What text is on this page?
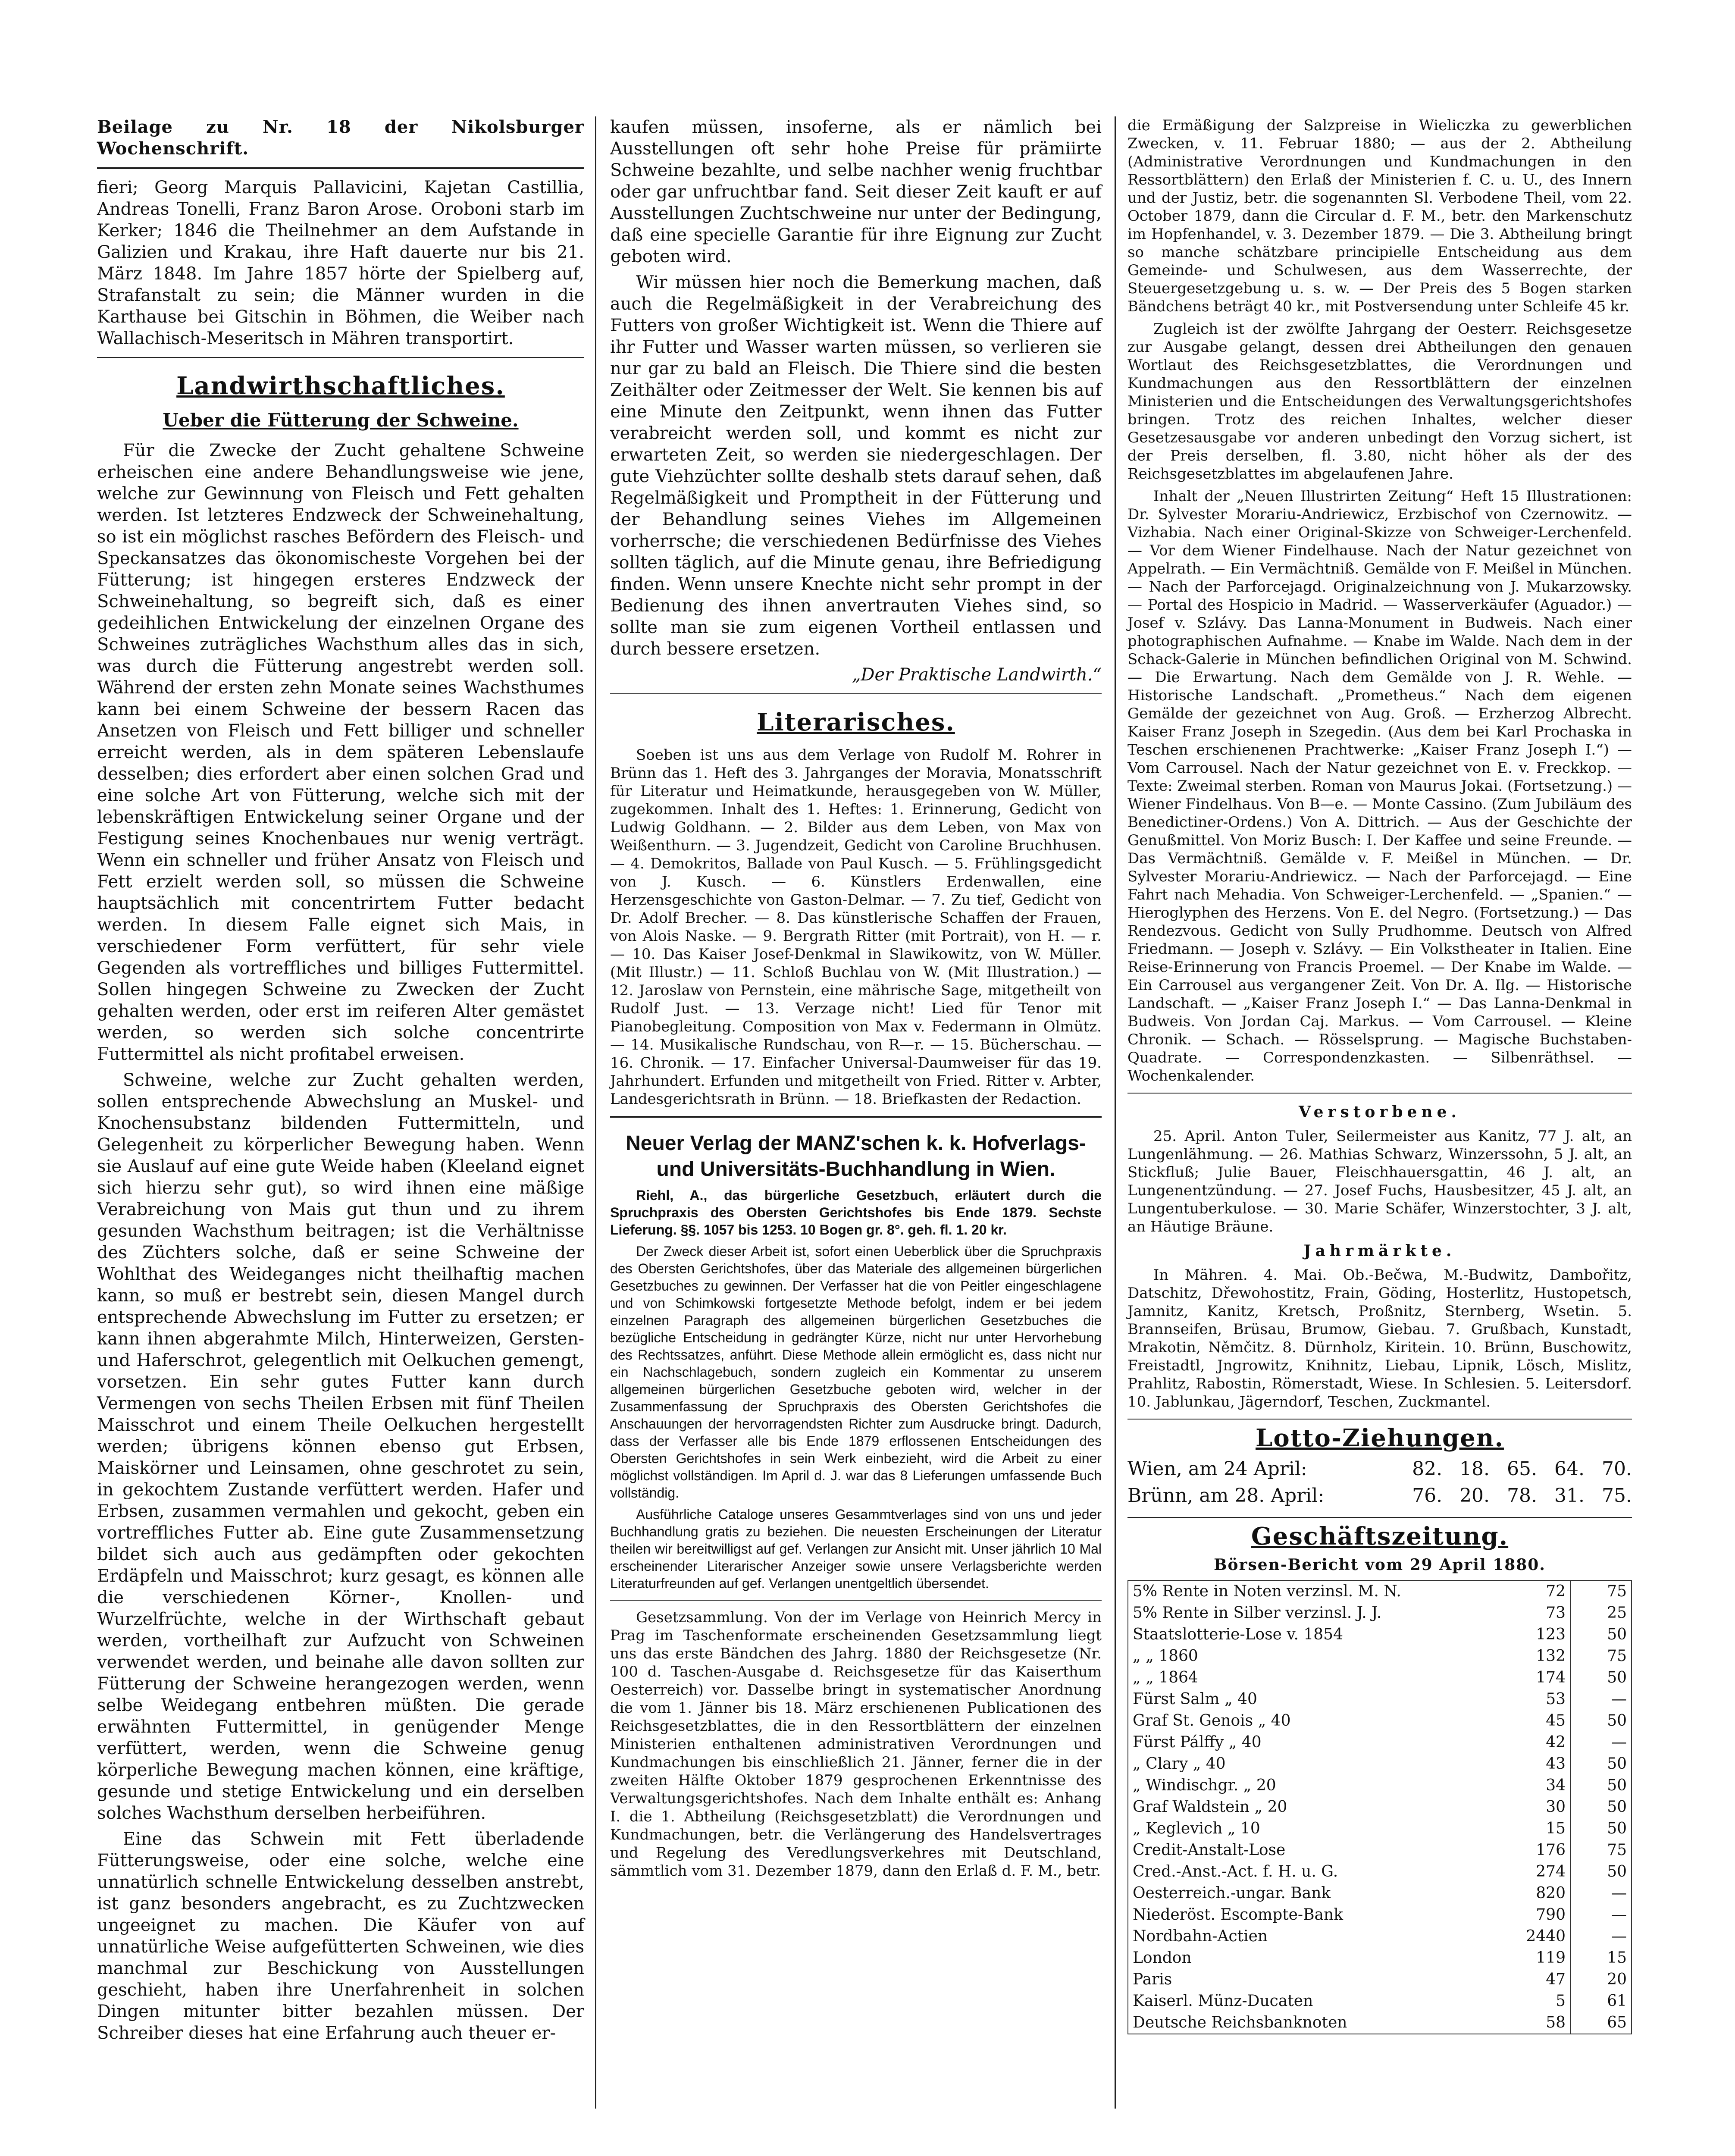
Beilage zu Nr. 18 der Nikolsburger Wochenschrift.

fieri; Georg Marquis Pallavicini, Kajetan Castillia, Andreas Tonelli, Franz Baron Arose. Oroboni starb im Kerker; 1846 die Theilnehmer an dem Aufstande in Galizien und Krakau, ihre Haft dauerte nur bis 21. März 1848. Im Jahre 1857 hörte der Spielberg auf, Strafanstalt zu sein; die Männer wurden in die Karthause bei Gitschin in Böhmen, die Weiber nach Wallachisch-Meseritsch in Mähren transportirt.

Landwirthschaftliches.
Ueber die Fütterung der Schweine.

Für die Zwecke der Zucht gehaltene Schweine erheischen eine andere Behandlungsweise wie jene, welche zur Gewinnung von Fleisch und Fett gehalten werden. Ist letzteres Endzweck der Schweinehaltung, so ist ein möglichst rasches Befördern des Fleisch- und Speckansatzes das ökonomischeste Vorgehen bei der Fütterung; ist hingegen ersteres Endzweck der Schweinehaltung, so begreift sich, daß es einer gedeihlichen Entwickelung der einzelnen Organe des Schweines zuträgliches Wachsthum alles das in sich, was durch die Fütterung angestrebt werden soll. Während der ersten zehn Monate seines Wachsthumes kann bei einem Schweine der bessern Racen das Ansetzen von Fleisch und Fett billiger und schneller erreicht werden, als in dem späteren Lebenslaufe desselben; dies erfordert aber einen solchen Grad und eine solche Art von Fütterung, welche sich mit der lebenskräftigen Entwickelung seiner Organe und der Festigung seines Knochenbaues nur wenig verträgt. Wenn ein schneller und früher Ansatz von Fleisch und Fett erzielt werden soll, so müssen die Schweine hauptsächlich mit concentrirtem Futter bedacht werden. In diesem Falle eignet sich Mais, in verschiedener Form verfüttert, für sehr viele Gegenden als vortreffliches und billiges Futtermittel. Sollen hingegen Schweine zu Zwecken der Zucht gehalten werden, oder erst im reiferen Alter gemästet werden, so werden sich solche concentrirte Futtermittel als nicht profitabel erweisen.

Schweine, welche zur Zucht gehalten werden, sollen entsprechende Abwechslung an Muskel- und Knochensubstanz bildenden Futtermitteln, und Gelegenheit zu körperlicher Bewegung haben. Wenn sie Auslauf auf eine gute Weide haben (Kleeland eignet sich hierzu sehr gut), so wird ihnen eine mäßige Verabreichung von Mais gut thun und zu ihrem gesunden Wachsthum beitragen; ist die Verhältnisse des Züchters solche, daß er seine Schweine der Wohlthat des Weideganges nicht theilhaftig machen kann, so muß er bestrebt sein, diesen Mangel durch entsprechende Abwechslung im Futter zu ersetzen; er kann ihnen abgerahmte Milch, Hinterweizen, Gersten- und Haferschrot, gelegentlich mit Oelkuchen gemengt, vorsetzen. Ein sehr gutes Futter kann durch Vermengen von sechs Theilen Erbsen mit fünf Theilen Maisschrot und einem Theile Oelkuchen hergestellt werden; übrigens können ebenso gut Erbsen, Maiskörner und Leinsamen, ohne geschrotet zu sein, in gekochtem Zustande verfüttert werden. Hafer und Erbsen, zusammen vermahlen und gekocht, geben ein vortreffliches Futter ab. Eine gute Zusammensetzung bildet sich auch aus gedämpften oder gekochten Erdäpfeln und Maisschrot; kurz gesagt, es können alle die verschiedenen Körner-, Knollen- und Wurzelfrüchte, welche in der Wirthschaft gebaut werden, vortheilhaft zur Aufzucht von Schweinen verwendet werden, und beinahe alle davon sollten zur Fütterung der Schweine herangezogen werden, wenn selbe Weidegang entbehren müßten. Die gerade erwähnten Futtermittel, in genügender Menge verfüttert, werden, wenn die Schweine genug körperliche Bewegung machen können, eine kräftige, gesunde und stetige Entwickelung und ein derselben solches Wachsthum derselben herbeiführen.

Eine das Schwein mit Fett überladende Fütterungsweise, oder eine solche, welche eine unnatürlich schnelle Entwickelung desselben anstrebt, ist ganz besonders angebracht, es zu Zuchtzwecken ungeeignet zu machen. Die Käufer von auf unnatürliche Weise aufgefütterten Schweinen, wie dies manchmal zur Beschickung von Ausstellungen geschieht, haben ihre Unerfahrenheit in solchen Dingen mitunter bitter bezahlen müssen. Der Schreiber dieses hat eine Erfahrung auch theuer er-

kaufen müssen, insoferne, als er nämlich bei Ausstellungen oft sehr hohe Preise für prämiirte Schweine bezahlte, und selbe nachher wenig fruchtbar oder gar unfruchtbar fand. Seit dieser Zeit kauft er auf Ausstellungen Zuchtschweine nur unter der Bedingung, daß eine specielle Garantie für ihre Eignung zur Zucht geboten wird.

Wir müssen hier noch die Bemerkung machen, daß auch die Regelmäßigkeit in der Verabreichung des Futters von großer Wichtigkeit ist. Wenn die Thiere auf ihr Futter und Wasser warten müssen, so verlieren sie nur gar zu bald an Fleisch. Die Thiere sind die besten Zeithälter oder Zeitmesser der Welt. Sie kennen bis auf eine Minute den Zeitpunkt, wenn ihnen das Futter verabreicht werden soll, und kommt es nicht zur erwarteten Zeit, so werden sie niedergeschlagen. Der gute Viehzüchter sollte deshalb stets darauf sehen, daß Regelmäßigkeit und Promptheit in der Fütterung und der Behandlung seines Viehes im Allgemeinen vorherrsche; die verschiedenen Bedürfnisse des Viehes sollten täglich, auf die Minute genau, ihre Befriedigung finden. Wenn unsere Knechte nicht sehr prompt in der Bedienung des ihnen anvertrauten Viehes sind, so sollte man sie zum eigenen Vortheil entlassen und durch bessere ersetzen.

„Der Praktische Landwirth.“

Literarisches.

Soeben ist uns aus dem Verlage von Rudolf M. Rohrer in Brünn das 1. Heft des 3. Jahrganges der Moravia, Monatsschrift für Literatur und Heimatkunde, herausgegeben von W. Müller, zugekommen. Inhalt des 1. Heftes: 1. Erinnerung, Gedicht von Ludwig Goldhann. — 2. Bilder aus dem Leben, von Max von Weißenthurn. — 3. Jugendzeit, Gedicht von Caroline Bruchhusen. — 4. Demokritos, Ballade von Paul Kusch. — 5. Frühlingsgedicht von J. Kusch. — 6. Künstlers Erdenwallen, eine Herzensgeschichte von Gaston-Delmar. — 7. Zu tief, Gedicht von Dr. Adolf Brecher. — 8. Das künstlerische Schaffen der Frauen, von Alois Naske. — 9. Bergrath Ritter (mit Portrait), von H. — r. — 10. Das Kaiser Josef-Denkmal in Slawikowitz, von W. Müller. (Mit Illustr.) — 11. Schloß Buchlau von W. (Mit Illustration.) — 12. Jaroslaw von Pernstein, eine mährische Sage, mitgetheilt von Rudolf Just. — 13. Verzage nicht! Lied für Tenor mit Pianobegleitung. Composition von Max v. Federmann in Olmütz. — 14. Musikalische Rundschau, von R—r. — 15. Bücherschau. — 16. Chronik. — 17. Einfacher Universal-Daumweiser für das 19. Jahrhundert. Erfunden und mitgetheilt von Fried. Ritter v. Arbter, Landesgerichtsrath in Brünn. — 18. Briefkasten der Redaction.

Neuer Verlag der MANZ'schen k. k. Hofverlags- und Universitäts-Buchhandlung in Wien.

Riehl, A., das bürgerliche Gesetzbuch, erläutert durch die Spruchpraxis des Obersten Gerichtshofes bis Ende 1879. Sechste Lieferung. §§. 1057 bis 1253. 10 Bogen gr. 8°. geh. fl. 1. 20 kr.

Der Zweck dieser Arbeit ist, sofort einen Ueberblick über die Spruchpraxis des Obersten Gerichtshofes, über das Materiale des allgemeinen bürgerlichen Gesetzbuches zu gewinnen. Der Verfasser hat die von Peitler eingeschlagene und von Schimkowski fortgesetzte Methode befolgt, indem er bei jedem einzelnen Paragraph des allgemeinen bürgerlichen Gesetzbuches die bezügliche Entscheidung in gedrängter Kürze, nicht nur unter Hervorhebung des Rechtssatzes, anführt. Diese Methode allein ermöglicht es, dass nicht nur ein Nachschlagebuch, sondern zugleich ein Kommentar zu unserem allgemeinen bürgerlichen Gesetzbuche geboten wird, welcher in der Zusammenfassung der Spruchpraxis des Obersten Gerichtshofes die Anschauungen der hervorragendsten Richter zum Ausdrucke bringt. Dadurch, dass der Verfasser alle bis Ende 1879 erflossenen Entscheidungen des Obersten Gerichtshofes in sein Werk einbezieht, wird die Arbeit zu einer möglichst vollständigen. Im April d. J. war das 8 Lieferungen umfassende Buch vollständig.

Ausführliche Cataloge unseres Gesammtverlages sind von uns und jeder Buchhandlung gratis zu beziehen. Die neuesten Erscheinungen der Literatur theilen wir bereitwilligst auf gef. Verlangen zur Ansicht mit. Unser jährlich 10 Mal erscheinender Literarischer Anzeiger sowie unsere Verlagsberichte werden Literaturfreunden auf gef. Verlangen unentgeltlich übersendet.

Gesetzsammlung. Von der im Verlage von Heinrich Mercy in Prag im Taschenformate erscheinenden Gesetzsammlung liegt uns das erste Bändchen des Jahrg. 1880 der Reichsgesetze (Nr. 100 d. Taschen-Ausgabe d. Reichsgesetze für das Kaiserthum Oesterreich) vor. Dasselbe bringt in systematischer Anordnung die vom 1. Jänner bis 18. März erschienenen Publicationen des Reichsgesetzblattes, die in den Ressortblättern der einzelnen Ministerien enthaltenen administrativen Verordnungen und Kundmachungen bis einschließlich 21. Jänner, ferner die in der zweiten Hälfte Oktober 1879 gesprochenen Erkenntnisse des Verwaltungsgerichtshofes. Nach dem Inhalte enthält es: Anhang I. die 1. Abtheilung (Reichsgesetzblatt) die Verordnungen und Kundmachungen, betr. die Verlängerung des Handelsvertrages und Regelung des Veredlungsverkehres mit Deutschland, sämmtlich vom 31. Dezember 1879, dann den Erlaß d. F. M., betr.

die Ermäßigung der Salzpreise in Wieliczka zu gewerblichen Zwecken, v. 11. Februar 1880; — aus der 2. Abtheilung (Administrative Verordnungen und Kundmachungen in den Ressortblättern) den Erlaß der Ministerien f. C. u. U., des Innern und der Justiz, betr. die sogenannten Sl. Verbodene Theil, vom 22. October 1879, dann die Circular d. F. M., betr. den Markenschutz im Hopfenhandel, v. 3. Dezember 1879. — Die 3. Abtheilung bringt so manche schätzbare principielle Entscheidung aus dem Gemeinde- und Schulwesen, aus dem Wasserrechte, der Steuergesetzgebung u. s. w. — Der Preis des 5 Bogen starken Bändchens beträgt 40 kr., mit Postversendung unter Schleife 45 kr.

Zugleich ist der zwölfte Jahrgang der Oesterr. Reichsgesetze zur Ausgabe gelangt, dessen drei Abtheilungen den genauen Wortlaut des Reichsgesetzblattes, die Verordnungen und Kundmachungen aus den Ressortblättern der einzelnen Ministerien und die Entscheidungen des Verwaltungsgerichtshofes bringen. Trotz des reichen Inhaltes, welcher dieser Gesetzesausgabe vor anderen unbedingt den Vorzug sichert, ist der Preis derselben, fl. 3.80, nicht höher als der des Reichsgesetzblattes im abgelaufenen Jahre.

Inhalt der „Neuen Illustrirten Zeitung“ Heft 15 Illustrationen: Dr. Sylvester Morariu-Andriewicz, Erzbischof von Czernowitz. — Vizhabia. Nach einer Original-Skizze von Schweiger-Lerchenfeld. — Vor dem Wiener Findelhause. Nach der Natur gezeichnet von Appelrath. — Ein Vermächtniß. Gemälde von F. Meißel in München. — Nach der Parforcejagd. Originalzeichnung von J. Mukarzowsky. — Portal des Hospicio in Madrid. — Wasserverkäufer (Aguador.) — Josef v. Szlávy. Das Lanna-Monument in Budweis. Nach einer photographischen Aufnahme. — Knabe im Walde. Nach dem in der Schack-Galerie in München befindlichen Original von M. Schwind. — Die Erwartung. Nach dem Gemälde von J. R. Wehle. — Historische Landschaft. „Prometheus.“ Nach dem eigenen Gemälde der gezeichnet von Aug. Groß. — Erzherzog Albrecht. Kaiser Franz Joseph in Szegedin. (Aus dem bei Karl Prochaska in Teschen erschienenen Prachtwerke: „Kaiser Franz Joseph I.“) — Vom Carrousel. Nach der Natur gezeichnet von E. v. Freckkop. — Texte: Zweimal sterben. Roman von Maurus Jokai. (Fortsetzung.) — Wiener Findelhaus. Von B—e. — Monte Cassino. (Zum Jubiläum des Benedictiner-Ordens.) Von A. Dittrich. — Aus der Geschichte der Genußmittel. Von Moriz Busch: I. Der Kaffee und seine Freunde. — Das Vermächtniß. Gemälde v. F. Meißel in München. — Dr. Sylvester Morariu-Andriewicz. — Nach der Parforcejagd. — Eine Fahrt nach Mehadia. Von Schweiger-Lerchenfeld. — „Spanien.“ — Hieroglyphen des Herzens. Von E. del Negro. (Fortsetzung.) — Das Rendezvous. Gedicht von Sully Prudhomme. Deutsch von Alfred Friedmann. — Joseph v. Szlávy. — Ein Volkstheater in Italien. Eine Reise-Erinnerung von Francis Proemel. — Der Knabe im Walde. — Ein Carrousel aus vergangener Zeit. Von Dr. A. Ilg. — Historische Landschaft. — „Kaiser Franz Joseph I.“ — Das Lanna-Denkmal in Budweis. Von Jordan Caj. Markus. — Vom Carrousel. — Kleine Chronik. — Schach. — Rösselsprung. — Magische Buchstaben-Quadrate. — Correspondenzkasten. — Silbenräthsel. — Wochenkalender.

Verstorbene.

25. April. Anton Tuler, Seilermeister aus Kanitz, 77 J. alt, an Lungenlähmung. — 26. Mathias Schwarz, Winzerssohn, 5 J. alt, an Stickfluß; Julie Bauer, Fleischhauersgattin, 46 J. alt, an Lungenentzündung. — 27. Josef Fuchs, Hausbesitzer, 45 J. alt, an Lungentuberkulose. — 30. Marie Schäfer, Winzerstochter, 3 J. alt, an Häutige Bräune.

Jahrmärkte.

In Mähren. 4. Mai. Ob.-Bečwa, M.-Budwitz, Dambořitz, Datschitz, Dřewohostitz, Frain, Göding, Hosterlitz, Hustopetsch, Jamnitz, Kanitz, Kretsch, Proßnitz, Sternberg, Wsetin. 5. Brannseifen, Brüsau, Brumow, Giebau. 7. Grußbach, Kunstadt, Mrakotin, Němčitz. 8. Dürnholz, Kiritein. 10. Brünn, Buschowitz, Freistadtl, Jngrowitz, Knihnitz, Liebau, Lipnik, Lösch, Mislitz, Prahlitz, Rabostin, Römerstadt, Wiese. In Schlesien. 5. Leitersdorf. 10. Jablunkau, Jägerndorf, Teschen, Zuckmantel.

Lotto-Ziehungen.
Wien, am 24 April:	82. 18. 65. 64. 70.
Brünn, am 28. April:	76. 20. 78. 31. 75.
Geschäftszeitung.
Börsen-Bericht vom 29 April 1880.
5% Rente in Noten verzinsl. M. N.	72	75
5% Rente in Silber verzinsl. J. J.	73	25
Staatslotterie-Lose v. 1854	123	50
„ „ 1860	132	75
„ „ 1864	174	50
Fürst Salm „ 40	53	—
Graf St. Genois „ 40	45	50
Fürst Pálffy „ 40	42	—
„ Clary „ 40	43	50
„ Windischgr. „ 20	34	50
Graf Waldstein „ 20	30	50
„ Keglevich „ 10	15	50
Credit-Anstalt-Lose	176	75
Cred.-Anst.-Act. f. H. u. G.	274	50
Oesterreich.-ungar. Bank	820	—
Niederöst. Escompte-Bank	790	—
Nordbahn-Actien	2440	—
London	119	15
Paris	47	20
Kaiserl. Münz-Ducaten	5	61
Deutsche Reichsbanknoten	58	65
